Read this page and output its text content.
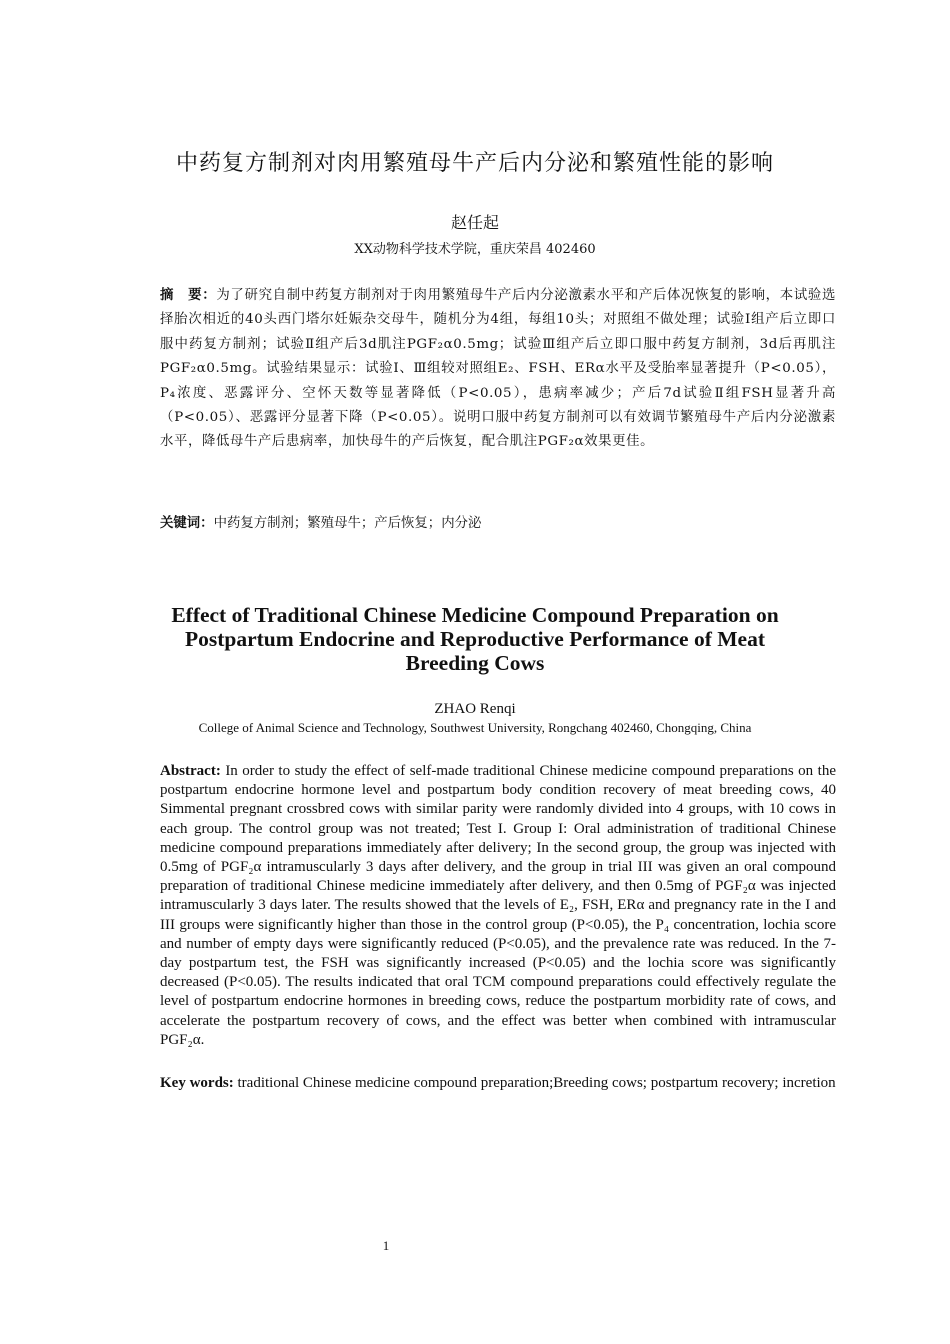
中药复方制剂对肉用繁殖母牛产后内分泌和繁殖性能的影响
赵任起
XX动物科学技术学院，重庆荣昌 402460
摘　要：为了研究自制中药复方制剂对于肉用繁殖母牛产后内分泌激素水平和产后体况恢复的影响，本试验选择胎次相近的40头西门塔尔妊娠杂交母牛，随机分为4组，每组10头；对照组不做处理；试验Ⅰ组产后立即口服中药复方制剂；试验Ⅱ组产后3d肌注PGF₂α0.5mg；试验Ⅲ组产后立即口服中药复方制剂，3d后再肌注PGF₂α0.5mg。试验结果显示：试验Ⅰ、Ⅲ组较对照组E₂、FSH、ERα水平及受胎率显著提升（P<0.05），P₄浓度、恶露评分、空怀天数等显著降低（P<0.05），患病率减少；产后7d试验Ⅱ组FSH显著升高（P<0.05）、恶露评分显著下降（P<0.05）。说明口服中药复方制剂可以有效调节繁殖母牛产后内分泌激素水平，降低母牛产后患病率，加快母牛的产后恢复，配合肌注PGF₂α效果更佳。
关键词：中药复方制剂；繁殖母牛；产后恢复；内分泌
Effect of Traditional Chinese Medicine Compound Preparation on Postpartum Endocrine and Reproductive Performance of Meat Breeding Cows
ZHAO Renqi
College of Animal Science and Technology, Southwest University, Rongchang 402460, Chongqing, China
Abstract: In order to study the effect of self-made traditional Chinese medicine compound preparations on the postpartum endocrine hormone level and postpartum body condition recovery of meat breeding cows, 40 Simmental pregnant crossbred cows with similar parity were randomly divided into 4 groups, with 10 cows in each group. The control group was not treated; Test I. Group I: Oral administration of traditional Chinese medicine compound preparations immediately after delivery; In the second group, the group was injected with 0.5mg of PGF₂α intramuscularly 3 days after delivery, and the group in trial III was given an oral compound preparation of traditional Chinese medicine immediately after delivery, and then 0.5mg of PGF₂α was injected intramuscularly 3 days later. The results showed that the levels of E₂, FSH, ERα and pregnancy rate in the I and III groups were significantly higher than those in the control group (P<0.05), the P₄ concentration, lochia score and number of empty days were significantly reduced (P<0.05), and the prevalence rate was reduced. In the 7-day postpartum test, the FSH was significantly increased (P<0.05) and the lochia score was significantly decreased (P<0.05). The results indicated that oral TCM compound preparations could effectively regulate the level of postpartum endocrine hormones in breeding cows, reduce the postpartum morbidity rate of cows, and accelerate the postpartum recovery of cows, and the effect was better when combined with intramuscular PGF₂α.
Key words: traditional Chinese medicine compound preparation;Breeding cows; postpartum recovery; incretion
1
